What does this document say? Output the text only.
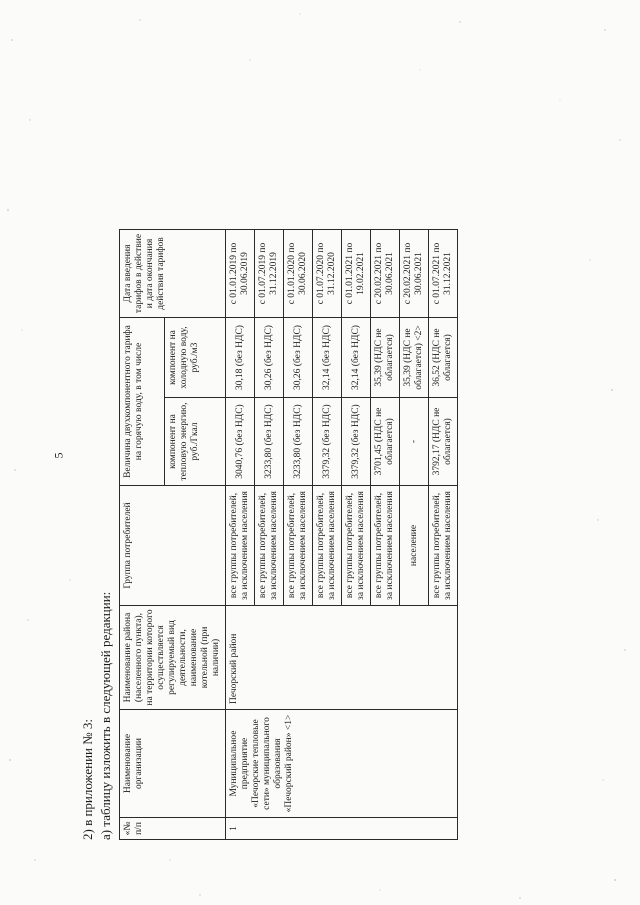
5
2) в приложении № 3: а) таблицу изложить в следующей редакции: «№ п/п	Наименование организации	Наименование района (населенного пункта), на территории которого осуществляется регулируемый вид деятельности, наименование котельной (при наличии)	Группа потребителей	Величина двухкомпонентного тарифа на горячую воду, в том числе		Дата введения тарифов в действие и дата окончания действия тарифов
				компонент на тепловую энергию, руб./Гкал	компонент на холодную воду, руб./м3	
1	Муниципальное предприятие «Печорские тепловые сети» муниципального образования «Печорский район» <1>	Печорский район	все группы потребителей, за исключением населения	3040,76 (без НДС)	30,18 (без НДС)	с 01.01.2019 по 30.06.2019
			все группы потребителей, за исключением населения	3233,80 (без НДС)	30,26 (без НДС)	с 01.07.2019 по 31.12.2019
			все группы потребителей, за исключением населения	3233,80 (без НДС)	30,26 (без НДС)	с 01.01.2020 по 30.06.2020
			все группы потребителей, за исключением населения	3379,32 (без НДС)	32,14 (без НДС)	с 01.07.2020 по 31.12.2020
			все группы потребителей, за исключением населения	3379,32 (без НДС)	32,14 (без НДС)	с 01.01.2021 по 19.02.2021
			все группы потребителей, за исключением населения	3701,45 (НДС не облагается)	35,39 (НДС не облагается)	с 20.02.2021 по 30.06.2021
			население	-	35,39 (НДС не облагается) <2>	с 20.02.2021 по 30.06.2021
			все группы потребителей, за исключением населения	3792,17 (НДС не облагается)	36,52 (НДС не облагается)	с 01.07.2021 по 31.12.2021
